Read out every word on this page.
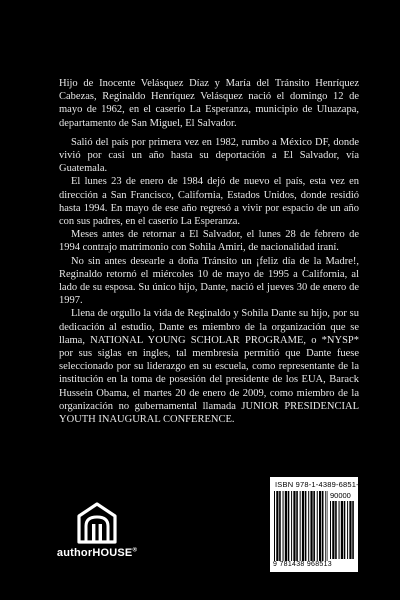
Hijo de Inocente Velásquez Díaz y María del Tránsito Henríquez Cabezas, Reginaldo Henríquez Velásquez nació el domingo 12 de mayo de 1962, en el caserío La Esperanza, municipio de Uluazapa, departamento de San Miguel, El Salvador.

Salió del país por primera vez en 1982, rumbo a México DF, donde vivió por casi un año hasta su deportación a El Salvador, vía Guatemala.

El lunes 23 de enero de 1984 dejó de nuevo el país, esta vez en dirección a San Francisco, California, Estados Unidos, donde residió hasta 1994. En mayo de ese año regresó a vivir por espacio de un año con sus padres, en el caserío La Esperanza.

Meses antes de retornar a El Salvador, el lunes 28 de febrero de 1994 contrajo matrimonio con Sohila Amiri, de nacionalidad iraní.

No sin antes desearle a doña Tránsito un ¡feliz día de la Madre!, Reginaldo retornó el miércoles 10 de mayo de 1995 a California, al lado de su esposa. Su único hijo, Dante, nació el jueves 30 de enero de 1997.

Llena de orgullo la vida de Reginaldo y Sohila Dante su hijo, por su dedicación al estudio, Dante es miembro de la organización que se llama, NATIONAL YOUNG SCHOLAR PROGRAME, o *NYSP* por sus siglas en ingles, tal membresía permitió que Dante fuese seleccionado por su liderazgo en su escuela, como representante de la institución en la toma de posesión del presidente de los EUA, Barack Hussein Obama, el martes 20 de enero de 2009, como miembro de la organización no gubernamental llamada JUNIOR PRESIDENCIAL YOUTH INAUGURAL CONFERENCE.

authorHOUSE®
ISBN 978-1-4389-6851-3
90000
9 781438 968513
